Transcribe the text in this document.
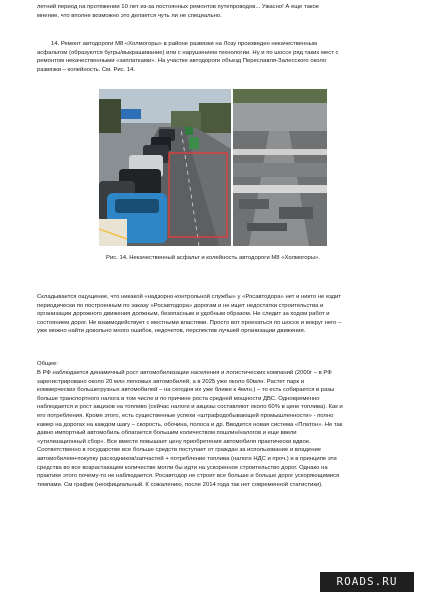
летний период на протяжении 10 лет из-за постоянных ремонтов путепроводов... Ужасно! А еще такое
мнение, что вполне возможно это делается чуть ли не специально.
14. Ремонт автодороги М8 «Холмогоры» в районе развязки на Лозу произведен некачественным
асфальтом (образуются бугры/выкрашивание) или с нарушением технологии. Ну и по шоссе ряд таких мест с
ремонтом некачественными «заплатками». На участке автодороги объезд Переславля-Залесского около
развязки – колейность. См. Рис. 14.

Рис. 14. Некачественный асфальт и колейность автодороги М8 «Холмогоры».

Складывается ощущение, что никакой «надзорно-контрольной службы» у «Росавтодора» нет и никто не ездит
периодически по построенным по заказу «Росавтодора» дорогам и не ищет недостатки строительства и
организации дорожного движения должным, безопасным и удобным образом. Не следит за ходом работ и
состоянием дорог. Не взаимодействует с местными властями. Просто вот проехаться по шоссе и вокруг него –
уже можно найти довольно много ошибок, недочетов, перспектив лучшей организации движения.

Общее:

В РФ наблюдается динамичный рост автомобилизации населения и логистических компаний (2000г – в РФ
зарегистрировано около 20 млн легковых автомобилей, а в 2025 уже около 60млн. Растет парк и
коммерческих большегрузных автомобилей – на сегодня их уже ближе к 4млн.) – то есть собирается в разы
больше транспортного налога в том числе и по причине роста средней мощности ДВС. Одновременно
наблюдается и рост акцизов на топливо (сейчас налоги и акцизы составляют около 60% в цене топлива). Как и
его потребления. Кроме этого, есть существенные успехи «штрафодобывающей промышленности» - полно
камер на дорогах на каждом шагу – скорость, обочина, полоса и др. Вводится новая система «Платон». Не так
давно импортный автомобиль облагается большим количеством пошлин/налогов и еще ввели
«утилизационный сбор». Все вместе повышает цену приобретения автомобиля практически вдвое.
Соответственно в государстве все больше средств поступает от граждан за использование и владение
автомобилем+покупку расходников/запчастей + потребление топлива (налоги НДС и проч.) и в принципе эти
средства во все возрастающем количестве могли бы идти на ускоренное строительство дорог. Однако на
практике этого почему-то не наблюдается. Росавтодор не строит все больше и больше дорог ускоряющимися
темпами. См график (неофициальный. К сожалению, после 2014 года так нет современной статистики).
ROADS.RU
